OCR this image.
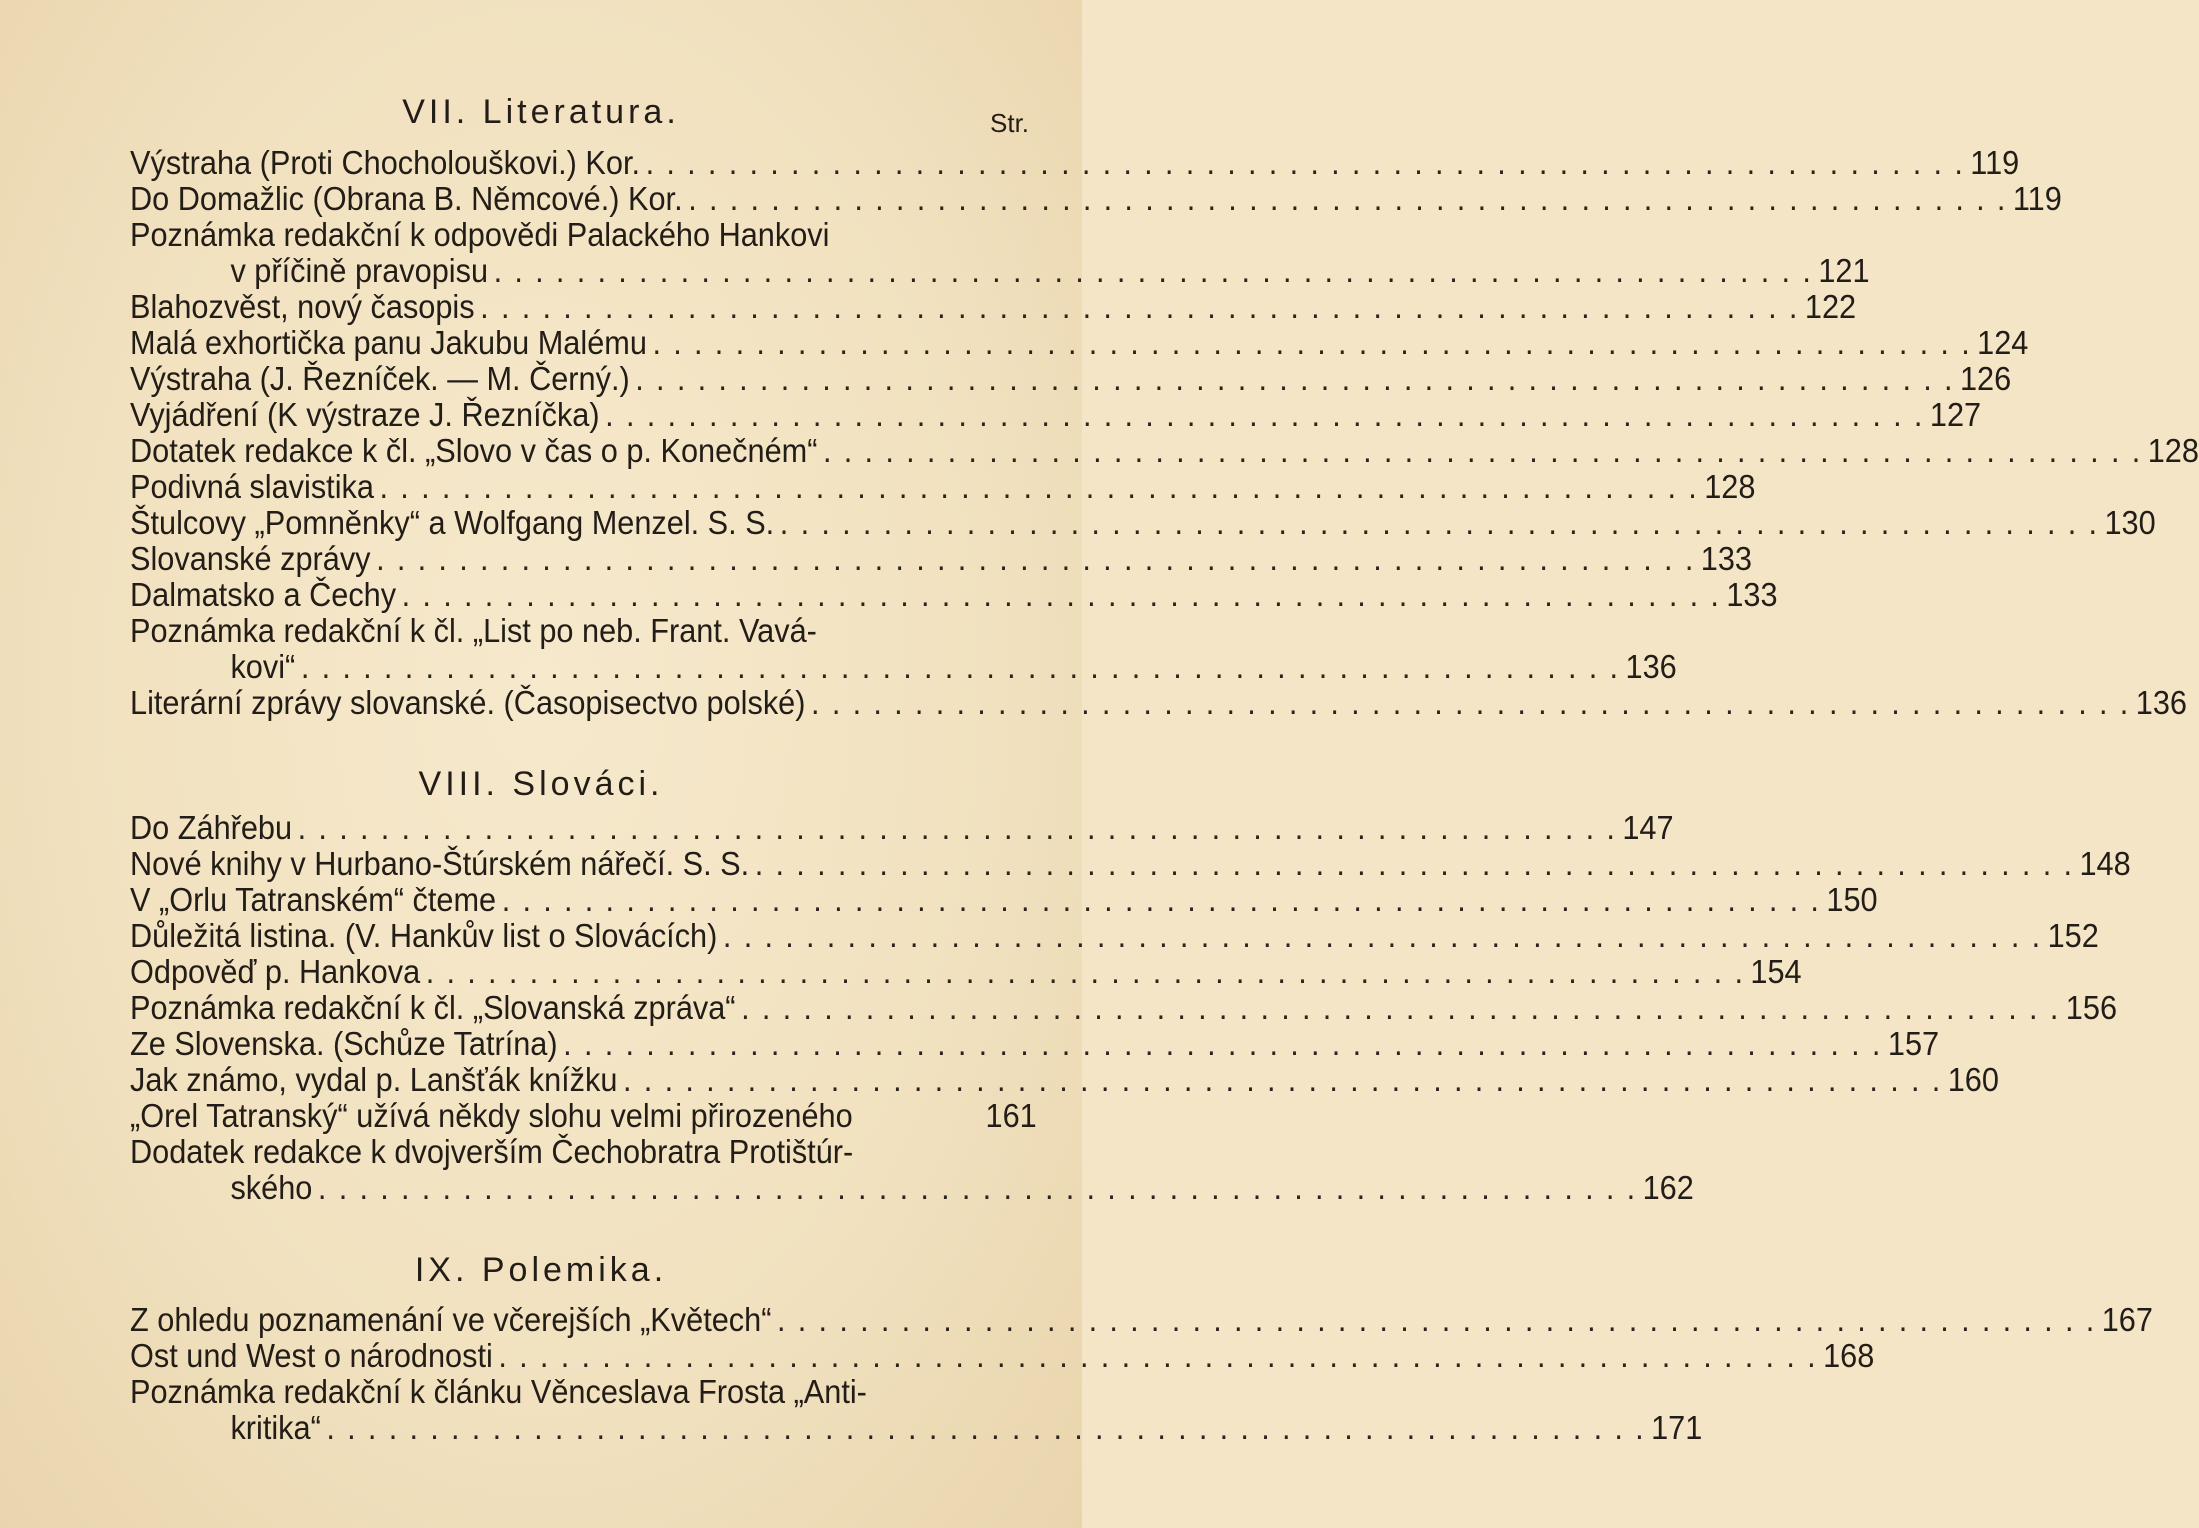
VII. Literatura.	Str.
Výstraha (Proti Chocholouškovi.) Kor. . . .	119
Do Domažlic (Obrana B. Němcové.) Kor. . . .	119
Poznámka redakční k odpovědi Palackého Hankovi
v příčině pravopisu . . .	121
Blahozvěst, nový časopis . . .	122
Malá exhortička panu Jakubu Malému . . .	124
Výstraha (J. Řezníček. — M. Černý.) . . .	126
Vyjádření (K výstraze J. Řezníčka) . . .	127
Dotatek redakce k čl. „Slovo v čas o p. Konečném“ . . .	128
Podivná slavistika . . .	128
Štulcovy „Pomněnky“ a Wolfgang Menzel. S. S. . . .	130
Slovanské zprávy . . .	133
Dalmatsko a Čechy . . .	133
Poznámka redakční k čl. „List po neb. Frant. Vavá-
kovi“ . . .	136
Literární zprávy slovanské. (Časopisectvo polské) . . .	136
VIII. Slováci.
Do Záhřebu . . .	147
Nové knihy v Hurbano-Štúrském nářečí. S. S. . . .	148
V „Orlu Tatranském“ čteme . . .	150
Důležitá listina. (V. Hankův list o Slovácích) . . .	152
Odpověď p. Hankova . . .	154
Poznámka redakční k čl. „Slovanská zpráva“ . . .	156
Ze Slovenska. (Schůze Tatrína) . . .	157
Jak známo, vydal p. Lanšťák knížku . . .	160
„Orel Tatranský“ užívá někdy slohu velmi přirozeného	161
Dodatek redakce k dvojverším Čechobratra Protištúr-
ského . . .	162
IX. Polemika.
Z ohledu poznamenání ve včerejších „Květech“ . . .	167
Ost und West o národnosti . . .	168
Poznámka redakční k článku Věnceslava Frosta „Anti-
kritika“ . . .	171
